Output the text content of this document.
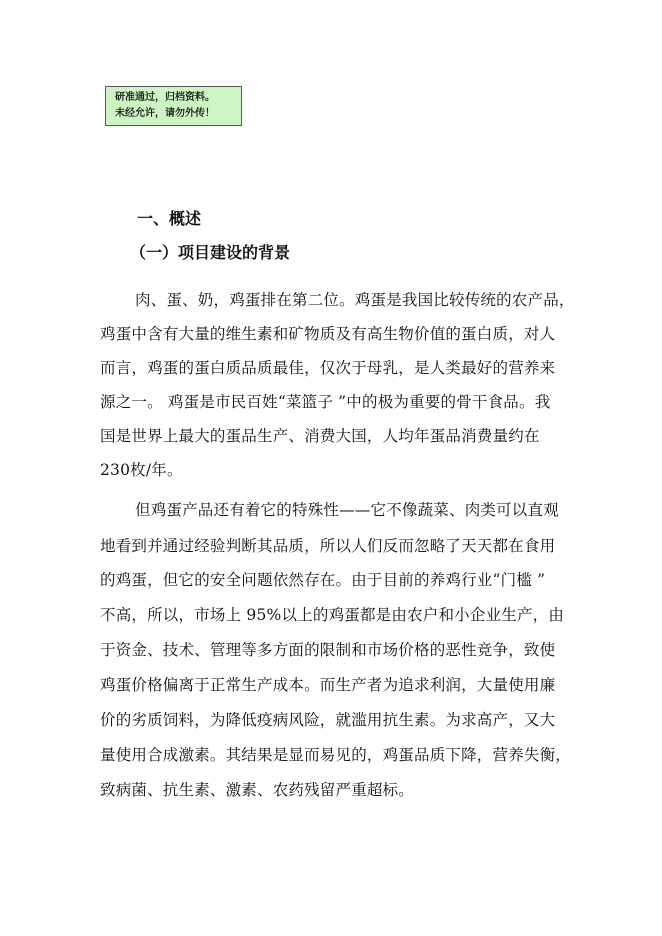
研准通过，归档资料。
未经允许，请勿外传！
一、概述
（一）项目建设的背景
肉、蛋、奶，鸡蛋排在第二位。鸡蛋是我国比较传统的农产品，
鸡蛋中含有大量的维生素和矿物质及有高生物价值的蛋白质，对人
而言，鸡蛋的蛋白质品质最佳，仅次于母乳，是人类最好的营养来
源之一。 鸡蛋是市民百姓“菜篮子 ”中的极为重要的骨干食品。我
国是世界上最大的蛋品生产、消费大国，人均年蛋品消费量约在
230枚/年。
但鸡蛋产品还有着它的特殊性——它不像蔬菜、肉类可以直观
地看到并通过经验判断其品质，所以人们反而忽略了天天都在食用
的鸡蛋，但它的安全问题依然存在。由于目前的养鸡行业“门槛 ”
不高，所以，市场上 95%以上的鸡蛋都是由农户和小企业生产，由
于资金、技术、管理等多方面的限制和市场价格的恶性竞争，致使
鸡蛋价格偏离于正常生产成本。而生产者为追求利润，大量使用廉
价的劣质饲料，为降低疫病风险，就滥用抗生素。为求高产，又大
量使用合成激素。其结果是显而易见的，鸡蛋品质下降，营养失衡，
致病菌、抗生素、激素、农药残留严重超标。
